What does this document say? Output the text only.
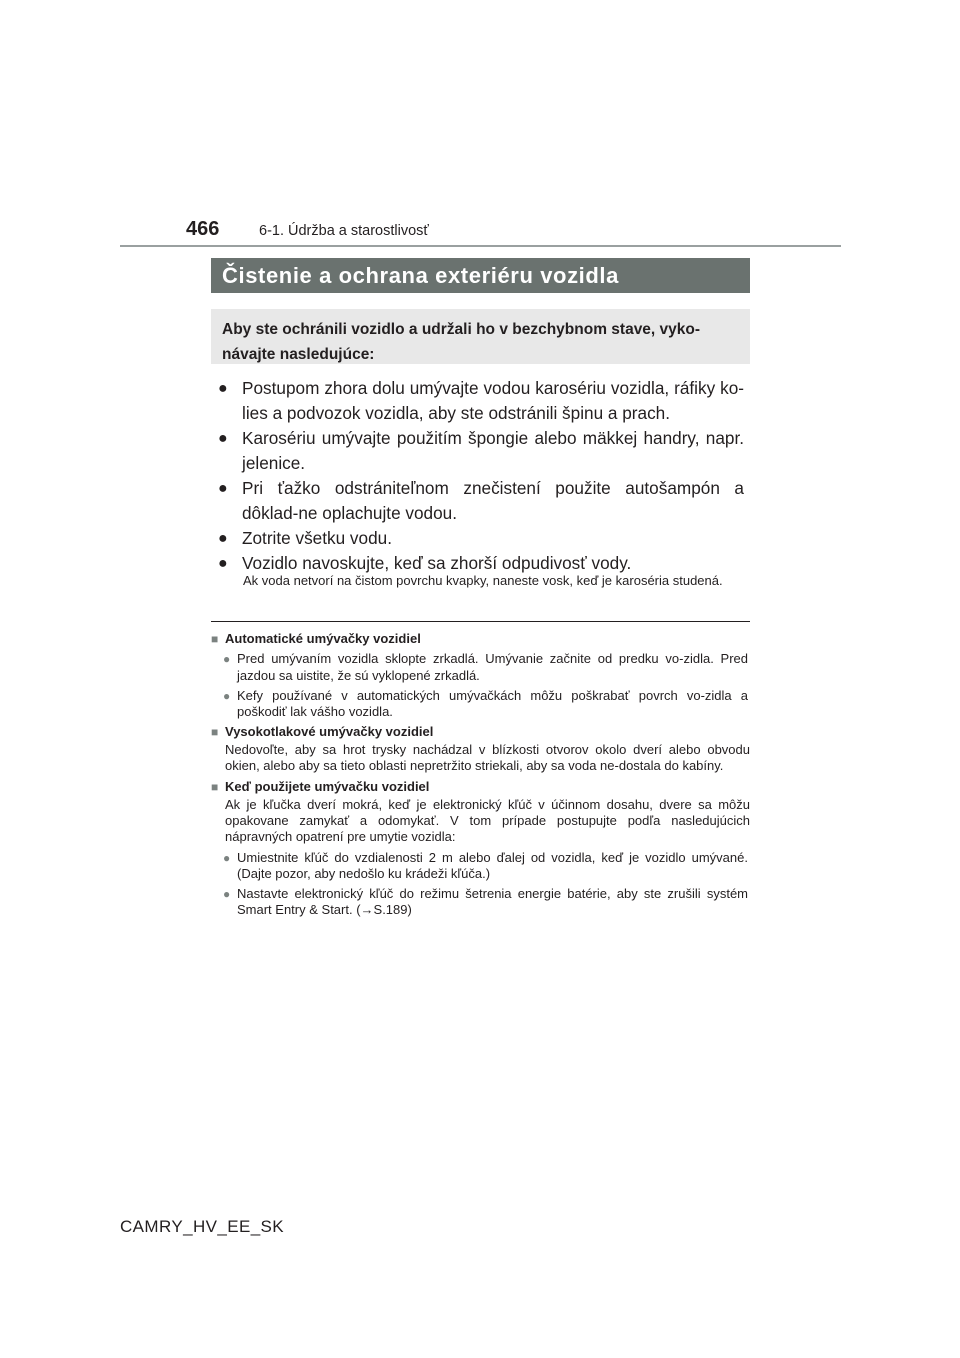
466	6-1. Údržba a starostlivosť
Čistenie a ochrana exteriéru vozidla
Aby ste ochránili vozidlo a udržali ho v bezchybnom stave, vyko-návajte nasledujúce:
● Postupom zhora dolu umývajte vodou karosériu vozidla, ráfiky ko-lies a podvozok vozidla, aby ste odstránili špinu a prach.
● Karosériu umývajte použitím špongie alebo mäkkej handry, napr. jelenice.
● Pri ťažko odstrániteľnom znečistení použite autošampón a dôklad-ne oplachujte vodou.
● Zotrite všetku vodu.
● Vozidlo navoskujte, keď sa zhorší odpudivosť vody.
Ak voda netvorí na čistom povrchu kvapky, naneste vosk, keď je karoséria studená.
■ Automatické umývačky vozidiel
● Pred umývaním vozidla sklopte zrkadlá. Umývanie začnite od predku vo-zidla. Pred jazdou sa uistite, že sú vyklopené zrkadlá.
● Kefy používané v automatických umývačkách môžu poškrabať povrch vo-zidla a poškodiť lak vášho vozidla.
■ Vysokotlakové umývačky vozidiel
Nedovoľte, aby sa hrot trysky nachádzal v blízkosti otvorov okolo dverí alebo obvodu okien, alebo aby sa tieto oblasti nepretržito striekali, aby sa voda ne-dostala do kabíny.
■ Keď použijete umývačku vozidiel
Ak je kľučka dverí mokrá, keď je elektronický kľúč v účinnom dosahu, dvere sa môžu opakovane zamykať a odomykať. V tom prípade postupujte podľa nasledujúcich nápravných opatrení pre umytie vozidla:
● Umiestnite kľúč do vzdialenosti 2 m alebo ďalej od vozidla, keď je vozidlo umývané. (Dajte pozor, aby nedošlo ku krádeži kľúča.)
● Nastavte elektronický kľúč do režimu šetrenia energie batérie, aby ste zrušili systém Smart Entry & Start. (→S.189)
CAMRY_HV_EE_SK
